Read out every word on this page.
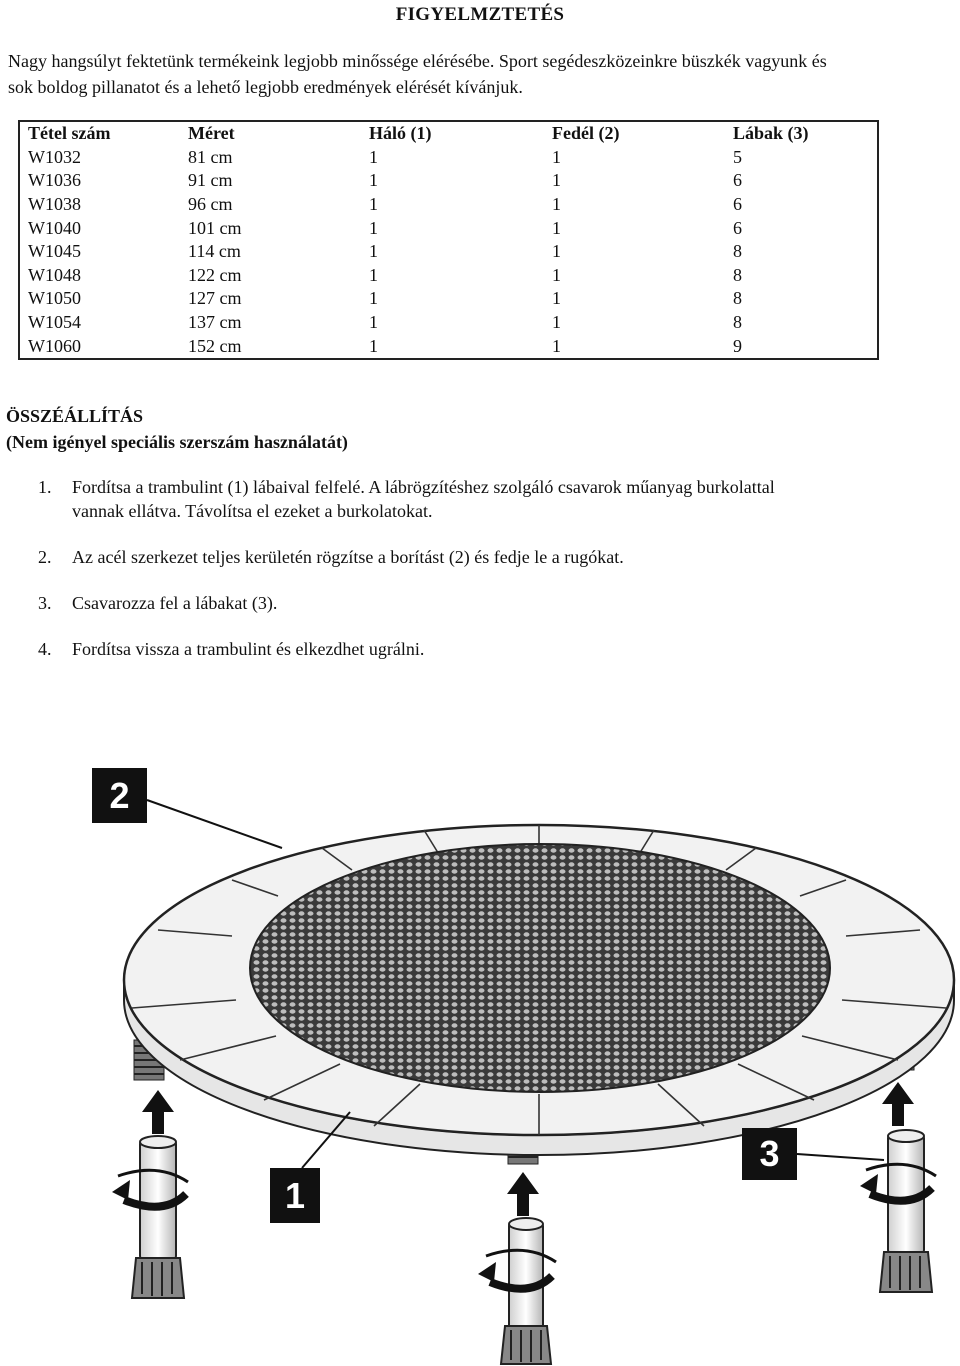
FIGYELMZTETÉS
Nagy hangsúlyt fektetünk termékeink legjobb minőssége elérésébe. Sport segédeszközeinkre büszkék vagyunk és
sok boldog pillanatot és a lehető legjobb eredmények elérését kívánjuk.
Tétel szám	Méret	Háló (1)	Fedél (2)	Lábak (3)
W1032	81 cm	1	1	5
W1036	91 cm	1	1	6
W1038	96 cm	1	1	6
W1040	101 cm	1	1	6
W1045	114 cm	1	1	8
W1048	122 cm	1	1	8
W1050	127 cm	1	1	8
W1054	137 cm	1	1	8
W1060	152 cm	1	1	9
ÖSSZÉÁLLÍTÁS
(Nem igényel speciális szerszám használatát)
1.	Fordítsa a trambulint (1) lábaival felfelé. A lábrögzítéshez szolgáló csavarok műanyag burkolattal
vannak ellátva. Távolítsa el ezeket a burkolatokat.
2.	Az acél szerkezet teljes kerületén rögzítse a borítást (2) és fedje le a rugókat.
3.	Csavarozza fel a lábakat (3).
4.	Fordítsa vissza a trambulint és elkezdhet ugrálni.
2
1
3
